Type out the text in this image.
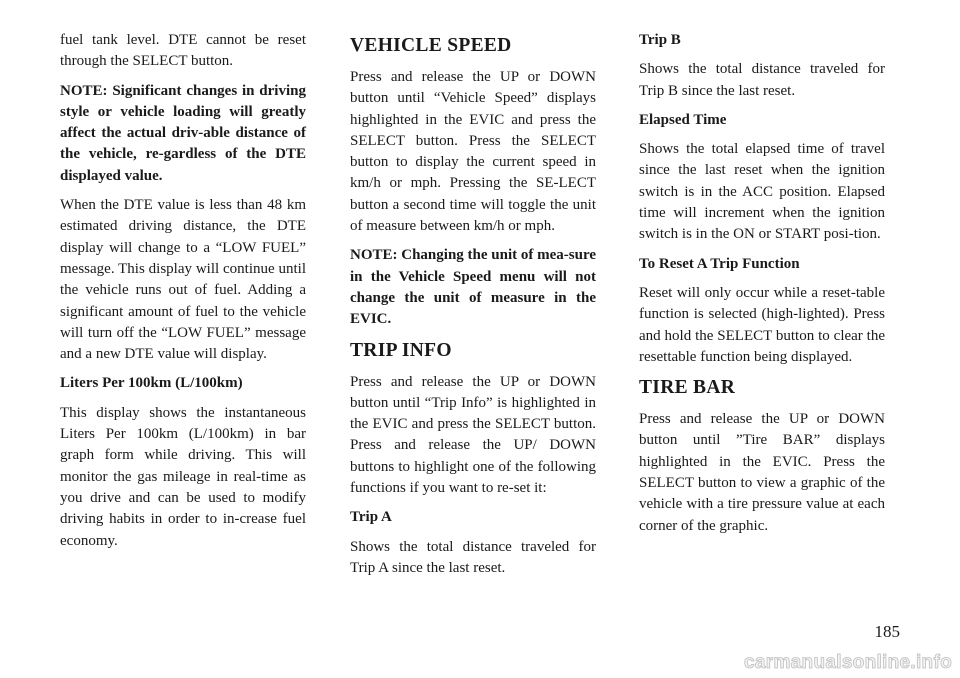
fuel tank level. DTE cannot be reset through the SELECT button.

NOTE: Significant changes in driving style or vehicle loading will greatly affect the actual driv-able distance of the vehicle, re-gardless of the DTE displayed value.

When the DTE value is less than 48 km estimated driving distance, the DTE display will change to a “LOW FUEL” message. This display will continue until the vehicle runs out of fuel. Adding a significant amount of fuel to the vehicle will turn off the “LOW FUEL” message and a new DTE value will display.

Liters Per 100km (L/100km)

This display shows the instantaneous Liters Per 100km (L/100km) in bar graph form while driving. This will monitor the gas mileage in real-time as you drive and can be used to modify driving habits in order to in-crease fuel economy.

VEHICLE SPEED

Press and release the UP or DOWN button until “Vehicle Speed” displays highlighted in the EVIC and press the SELECT button. Press the SELECT button to display the current speed in km/h or mph. Pressing the SE-LECT button a second time will toggle the unit of measure between km/h or mph.

NOTE: Changing the unit of mea-sure in the Vehicle Speed menu will not change the unit of measure in the EVIC.

TRIP INFO

Press and release the UP or DOWN button until “Trip Info” is highlighted in the EVIC and press the SELECT button. Press and release the UP/ DOWN buttons to highlight one of the following functions if you want to re-set it:

Trip A

Shows the total distance traveled for Trip A since the last reset.

Trip B

Shows the total distance traveled for Trip B since the last reset.

Elapsed Time

Shows the total elapsed time of travel since the last reset when the ignition switch is in the ACC position. Elapsed time will increment when the ignition switch is in the ON or START posi-tion.

To Reset A Trip Function

Reset will only occur while a reset-table function is selected (high-lighted). Press and hold the SELECT button to clear the resettable function being displayed.

TIRE BAR

Press and release the UP or DOWN button until ”Tire BAR” displays highlighted in the EVIC. Press the SELECT button to view a graphic of the vehicle with a tire pressure value at each corner of the graphic.

185
carmanualsonline.info
